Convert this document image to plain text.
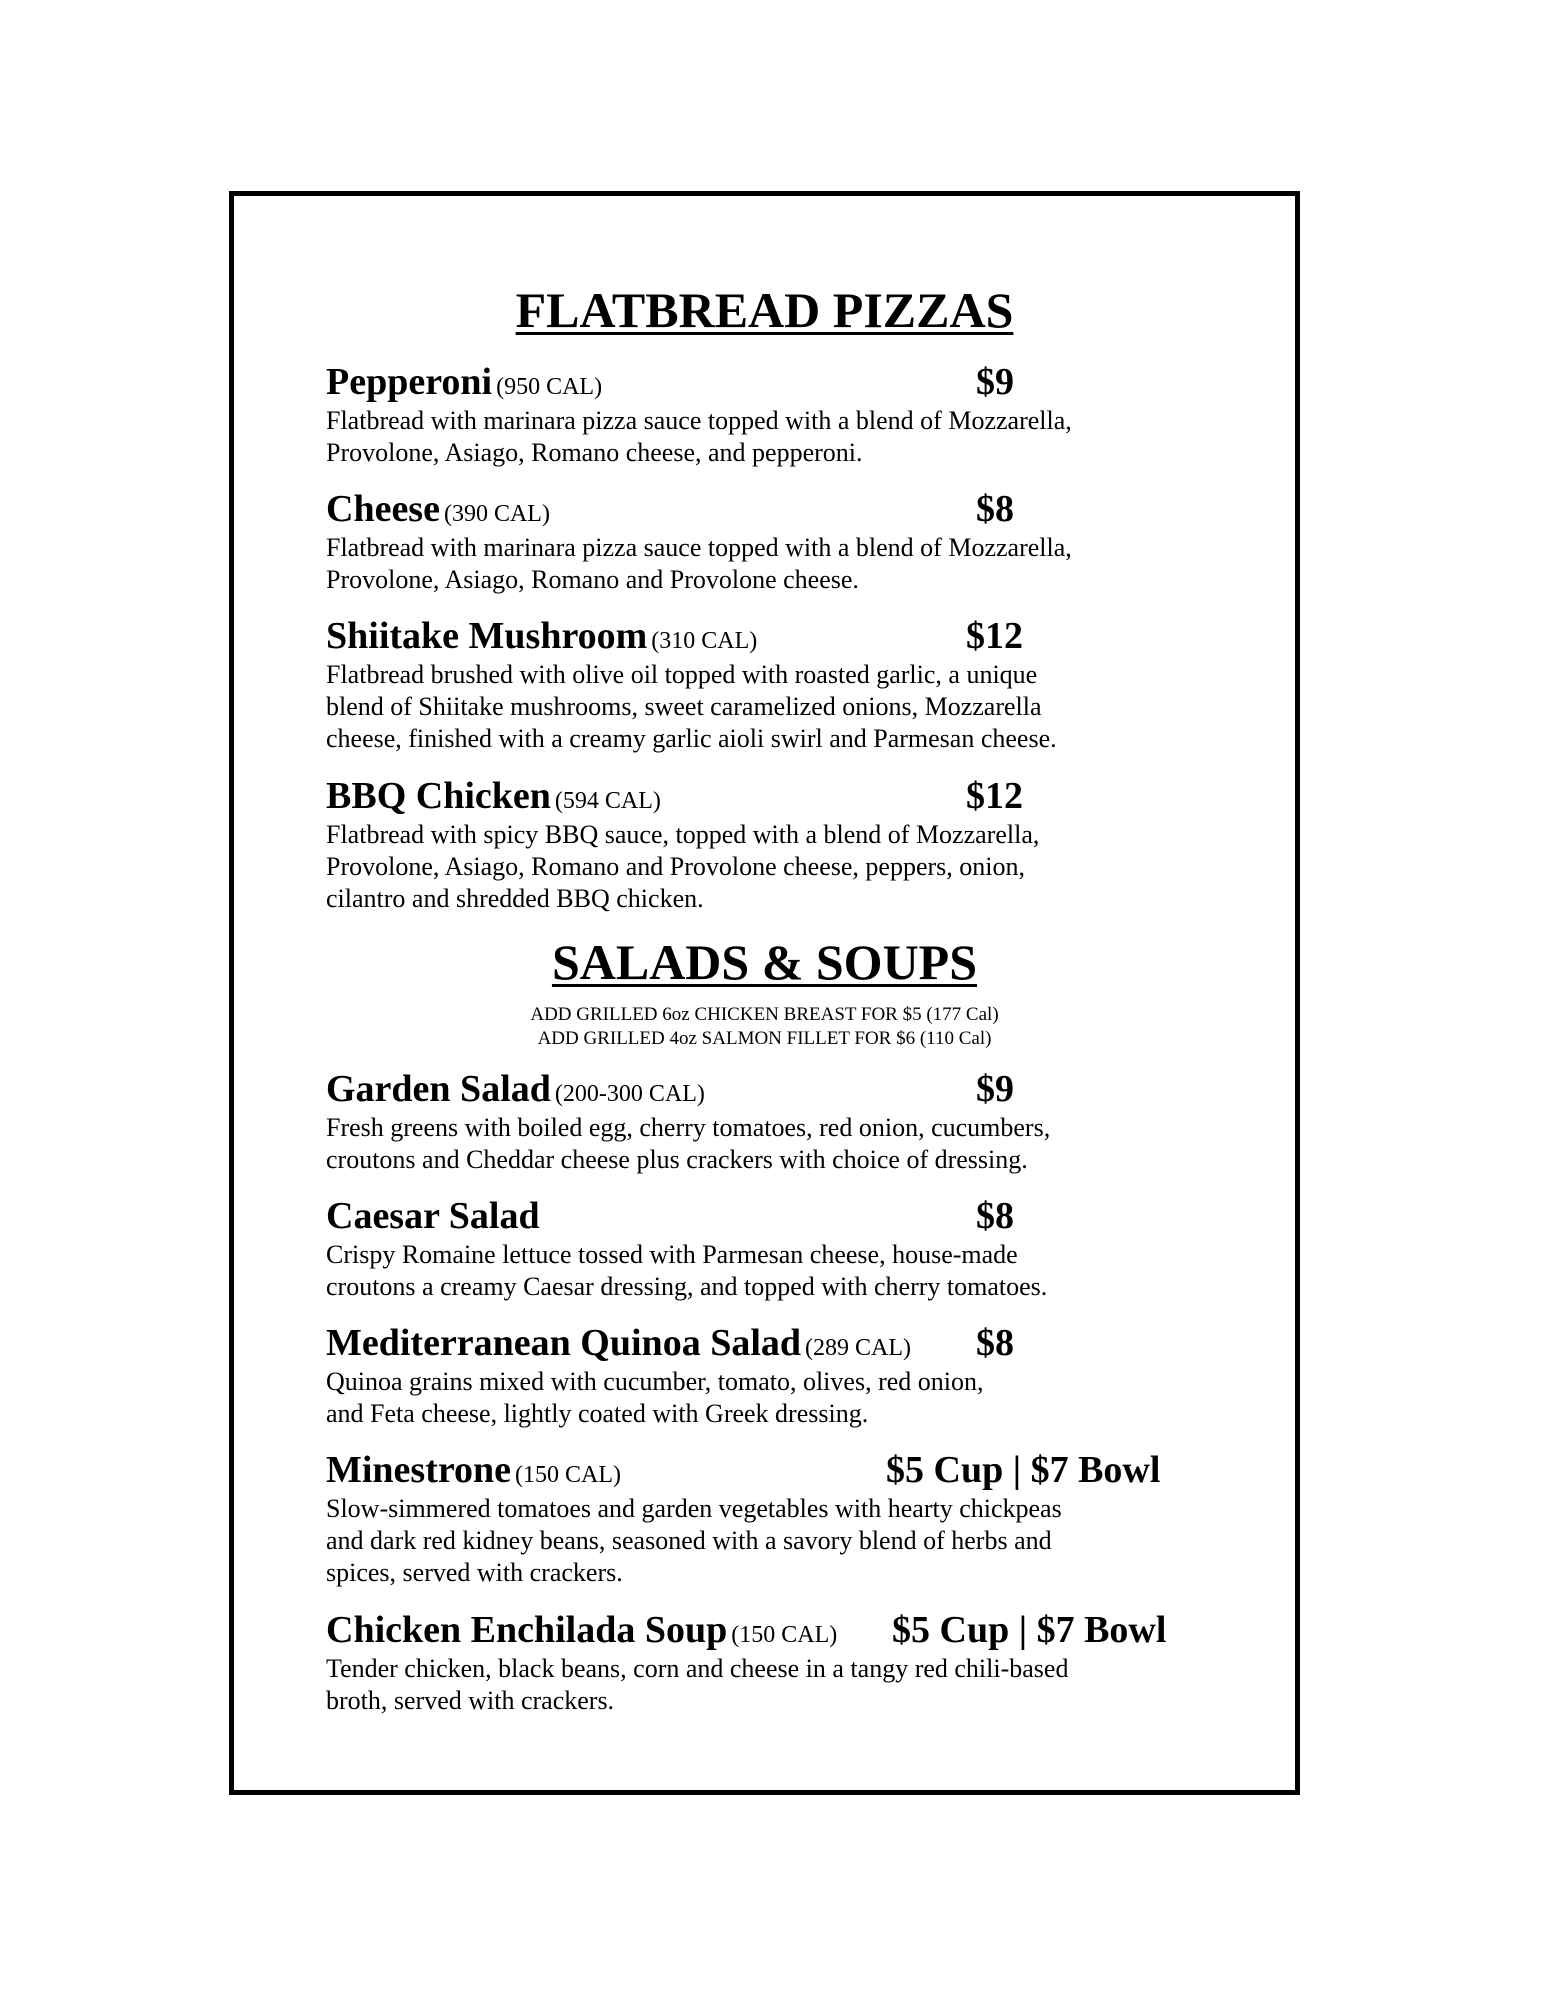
FLATBREAD PIZZAS
Pepperoni (950 CAL)	$9

Flatbread with marinara pizza sauce topped with a blend of Mozzarella,
Provolone, Asiago, Romano cheese, and pepperoni.

Cheese (390 CAL)	$8

Flatbread with marinara pizza sauce topped with a blend of Mozzarella,
Provolone, Asiago, Romano and Provolone cheese.

Shiitake Mushroom (310 CAL)	$12

Flatbread brushed with olive oil topped with roasted garlic, a unique
blend of Shiitake mushrooms, sweet caramelized onions, Mozzarella
cheese, finished with a creamy garlic aioli swirl and Parmesan cheese.

BBQ Chicken (594 CAL)	$12

Flatbread with spicy BBQ sauce, topped with a blend of Mozzarella,
Provolone, Asiago, Romano and Provolone cheese, peppers, onion,
cilantro and shredded BBQ chicken.

SALADS & SOUPS
ADD GRILLED 6oz CHICKEN BREAST FOR $5 (177 Cal)
ADD GRILLED 4oz SALMON FILLET FOR $6 (110 Cal)
Garden Salad (200-300 CAL)	$9

Fresh greens with boiled egg, cherry tomatoes, red onion, cucumbers,
croutons and Cheddar cheese plus crackers with choice of dressing.

Caesar Salad	$8

Crispy Romaine lettuce tossed with Parmesan cheese, house-made
croutons a creamy Caesar dressing, and topped with cherry tomatoes.

Mediterranean Quinoa Salad (289 CAL) $8

Quinoa grains mixed with cucumber, tomato, olives, red onion,
and Feta cheese, lightly coated with Greek dressing.

Minestrone (150 CAL)	$5 Cup | $7 Bowl

Slow-simmered tomatoes and garden vegetables with hearty chickpeas
and dark red kidney beans, seasoned with a savory blend of herbs and
spices, served with crackers.

Chicken Enchilada Soup (150 CAL) $5 Cup | $7 Bowl

Tender chicken, black beans, corn and cheese in a tangy red chili-based
broth, served with crackers.
